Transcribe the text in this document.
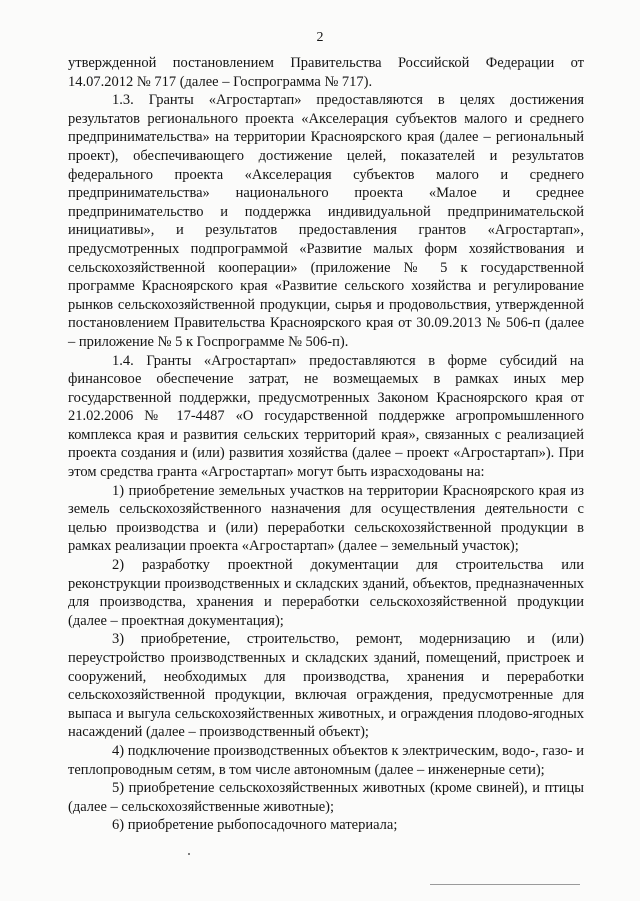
2

утвержденной постановлением Правительства Российской Федерации от 14.07.2012 № 717 (далее – Госпрограмма № 717).

1.3. Гранты «Агростартап» предоставляются в целях достижения результатов регионального проекта «Акселерация субъектов малого и среднего предпринимательства» на территории Красноярского края (далее – региональный проект), обеспечивающего достижение целей, показателей и результатов федерального проекта «Акселерация субъектов малого и среднего предпринимательства» национального проекта «Малое и среднее предпринимательство и поддержка индивидуальной предпринимательской инициативы», и результатов предоставления грантов «Агростартап», предусмотренных подпрограммой «Развитие малых форм хозяйствования и сельскохозяйственной кооперации» (приложение № 5 к государственной программе Красноярского края «Развитие сельского хозяйства и регулирование рынков сельскохозяйственной продукции, сырья и продовольствия, утвержденной постановлением Правительства Красноярского края от 30.09.2013 № 506-п (далее – приложение № 5 к Госпрограмме № 506-п).

1.4. Гранты «Агростартап» предоставляются в форме субсидий на финансовое обеспечение затрат, не возмещаемых в рамках иных мер государственной поддержки, предусмотренных Законом Красноярского края от 21.02.2006 № 17-4487 «О государственной поддержке агропромышленного комплекса края и развития сельских территорий края», связанных с реализацией проекта создания и (или) развития хозяйства (далее – проект «Агростартап»). При этом средства гранта «Агростартап» могут быть израсходованы на:

1) приобретение земельных участков на территории Красноярского края из земель сельскохозяйственного назначения для осуществления деятельности с целью производства и (или) переработки сельскохозяйственной продукции в рамках реализации проекта «Агростартап» (далее – земельный участок);

2) разработку проектной документации для строительства или реконструкции производственных и складских зданий, объектов, предназначенных для производства, хранения и переработки сельскохозяйственной продукции (далее – проектная документация);

3) приобретение, строительство, ремонт, модернизацию и (или) переустройство производственных и складских зданий, помещений, пристроек и сооружений, необходимых для производства, хранения и переработки сельскохозяйственной продукции, включая ограждения, предусмотренные для выпаса и выгула сельскохозяйственных животных, и ограждения плодово-ягодных насаждений (далее – производственный объект);

4) подключение производственных объектов к электрическим, водо-, газо- и теплопроводным сетям, в том числе автономным (далее – инженерные сети);

5) приобретение сельскохозяйственных животных (кроме свиней), и птицы (далее – сельскохозяйственные животные);

6) приобретение рыбопосадочного материала;
